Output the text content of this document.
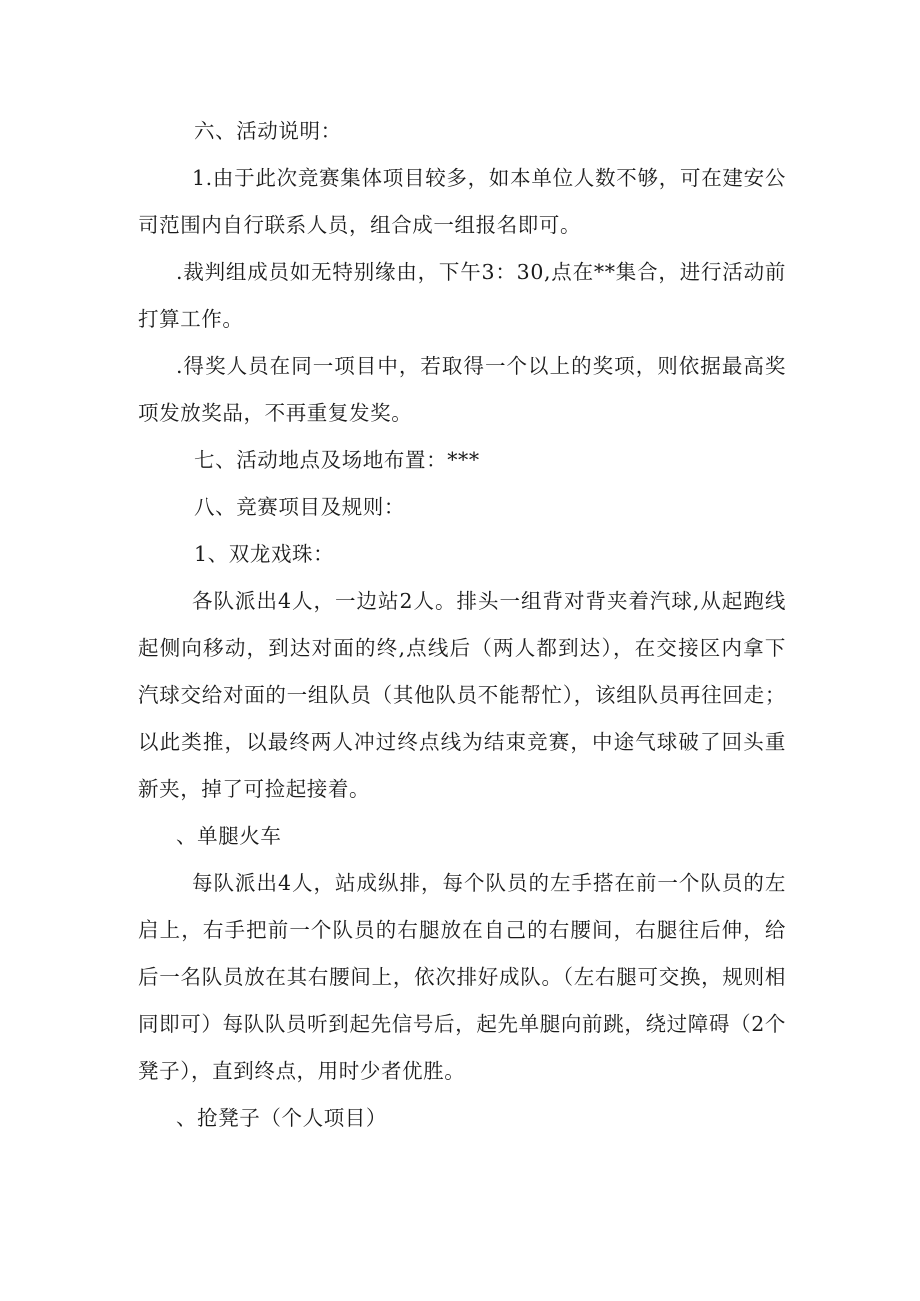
六、活动说明：

1.由于此次竞赛集体项目较多，如本单位人数不够，可在建安公司范围内自行联系人员，组合成一组报名即可。

.裁判组成员如无特别缘由，下午3：30,点在**集合，进行活动前打算工作。

.得奖人员在同一项目中，若取得一个以上的奖项，则依据最高奖项发放奖品，不再重复发奖。

七、活动地点及场地布置：***

八、竞赛项目及规则：

1、双龙戏珠：

各队派出4人，一边站2人。排头一组背对背夹着汽球,从起跑线起侧向移动，到达对面的终,点线后（两人都到达），在交接区内拿下汽球交给对面的一组队员（其他队员不能帮忙），该组队员再往回走；以此类推，以最终两人冲过终点线为结束竞赛，中途气球破了回头重新夹，掉了可捡起接着。

、单腿火车

每队派出4人，站成纵排，每个队员的左手搭在前一个队员的左启上，右手把前一个队员的右腿放在自己的右腰间，右腿往后伸，给后一名队员放在其右腰间上，依次排好成队。（左右腿可交换，规则相同即可）每队队员听到起先信号后，起先单腿向前跳，绕过障碍（2个凳子），直到终点，用时少者优胜。

、抢凳子（个人项目）
